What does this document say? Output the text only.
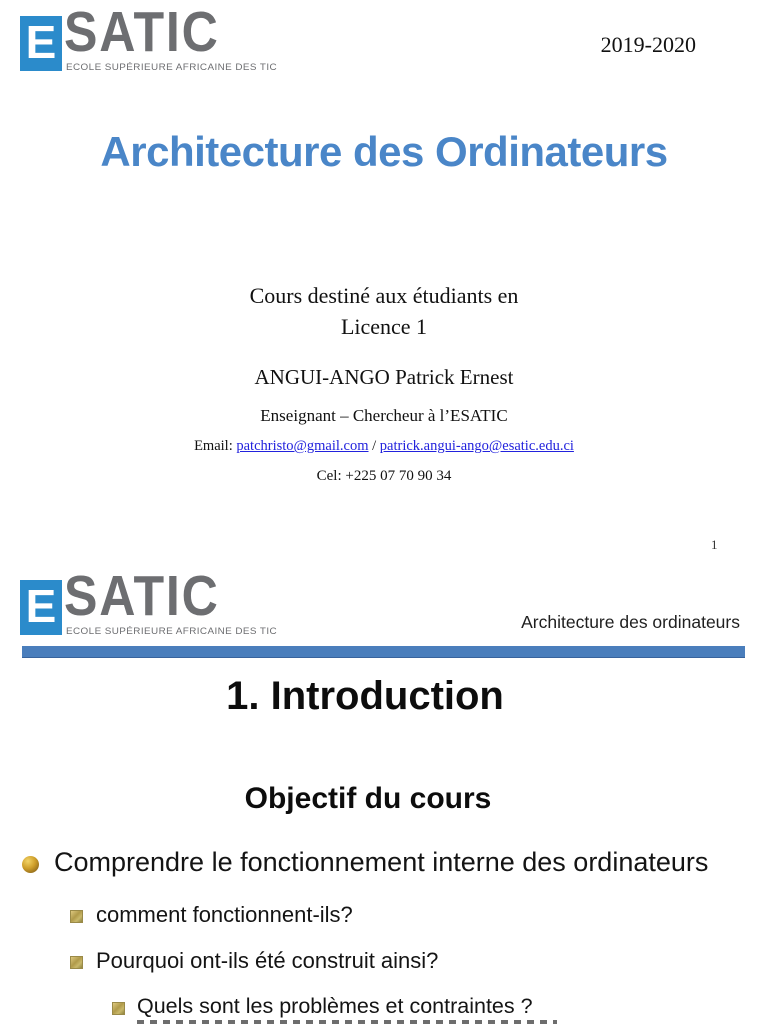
E SATIC
ECOLE SUPÉRIEURE AFRICAINE DES TIC
2019-2020
Architecture des Ordinateurs
Cours destiné aux étudiants en
Licence 1
ANGUI-ANGO Patrick Ernest
Enseignant – Chercheur à l’ESATIC
Email: patchristo@gmail.com / patrick.angui-ango@esatic.edu.ci
Cel: +225 07 70 90 34
1
E SATIC
ECOLE SUPÉRIEURE AFRICAINE DES TIC	Architecture des ordinateurs
1. Introduction
Objectif du cours
Comprendre le fonctionnement interne des ordinateurs
comment fonctionnent-ils?
Pourquoi ont-ils été construit ainsi?
Quels sont les problèmes et contraintes ?
